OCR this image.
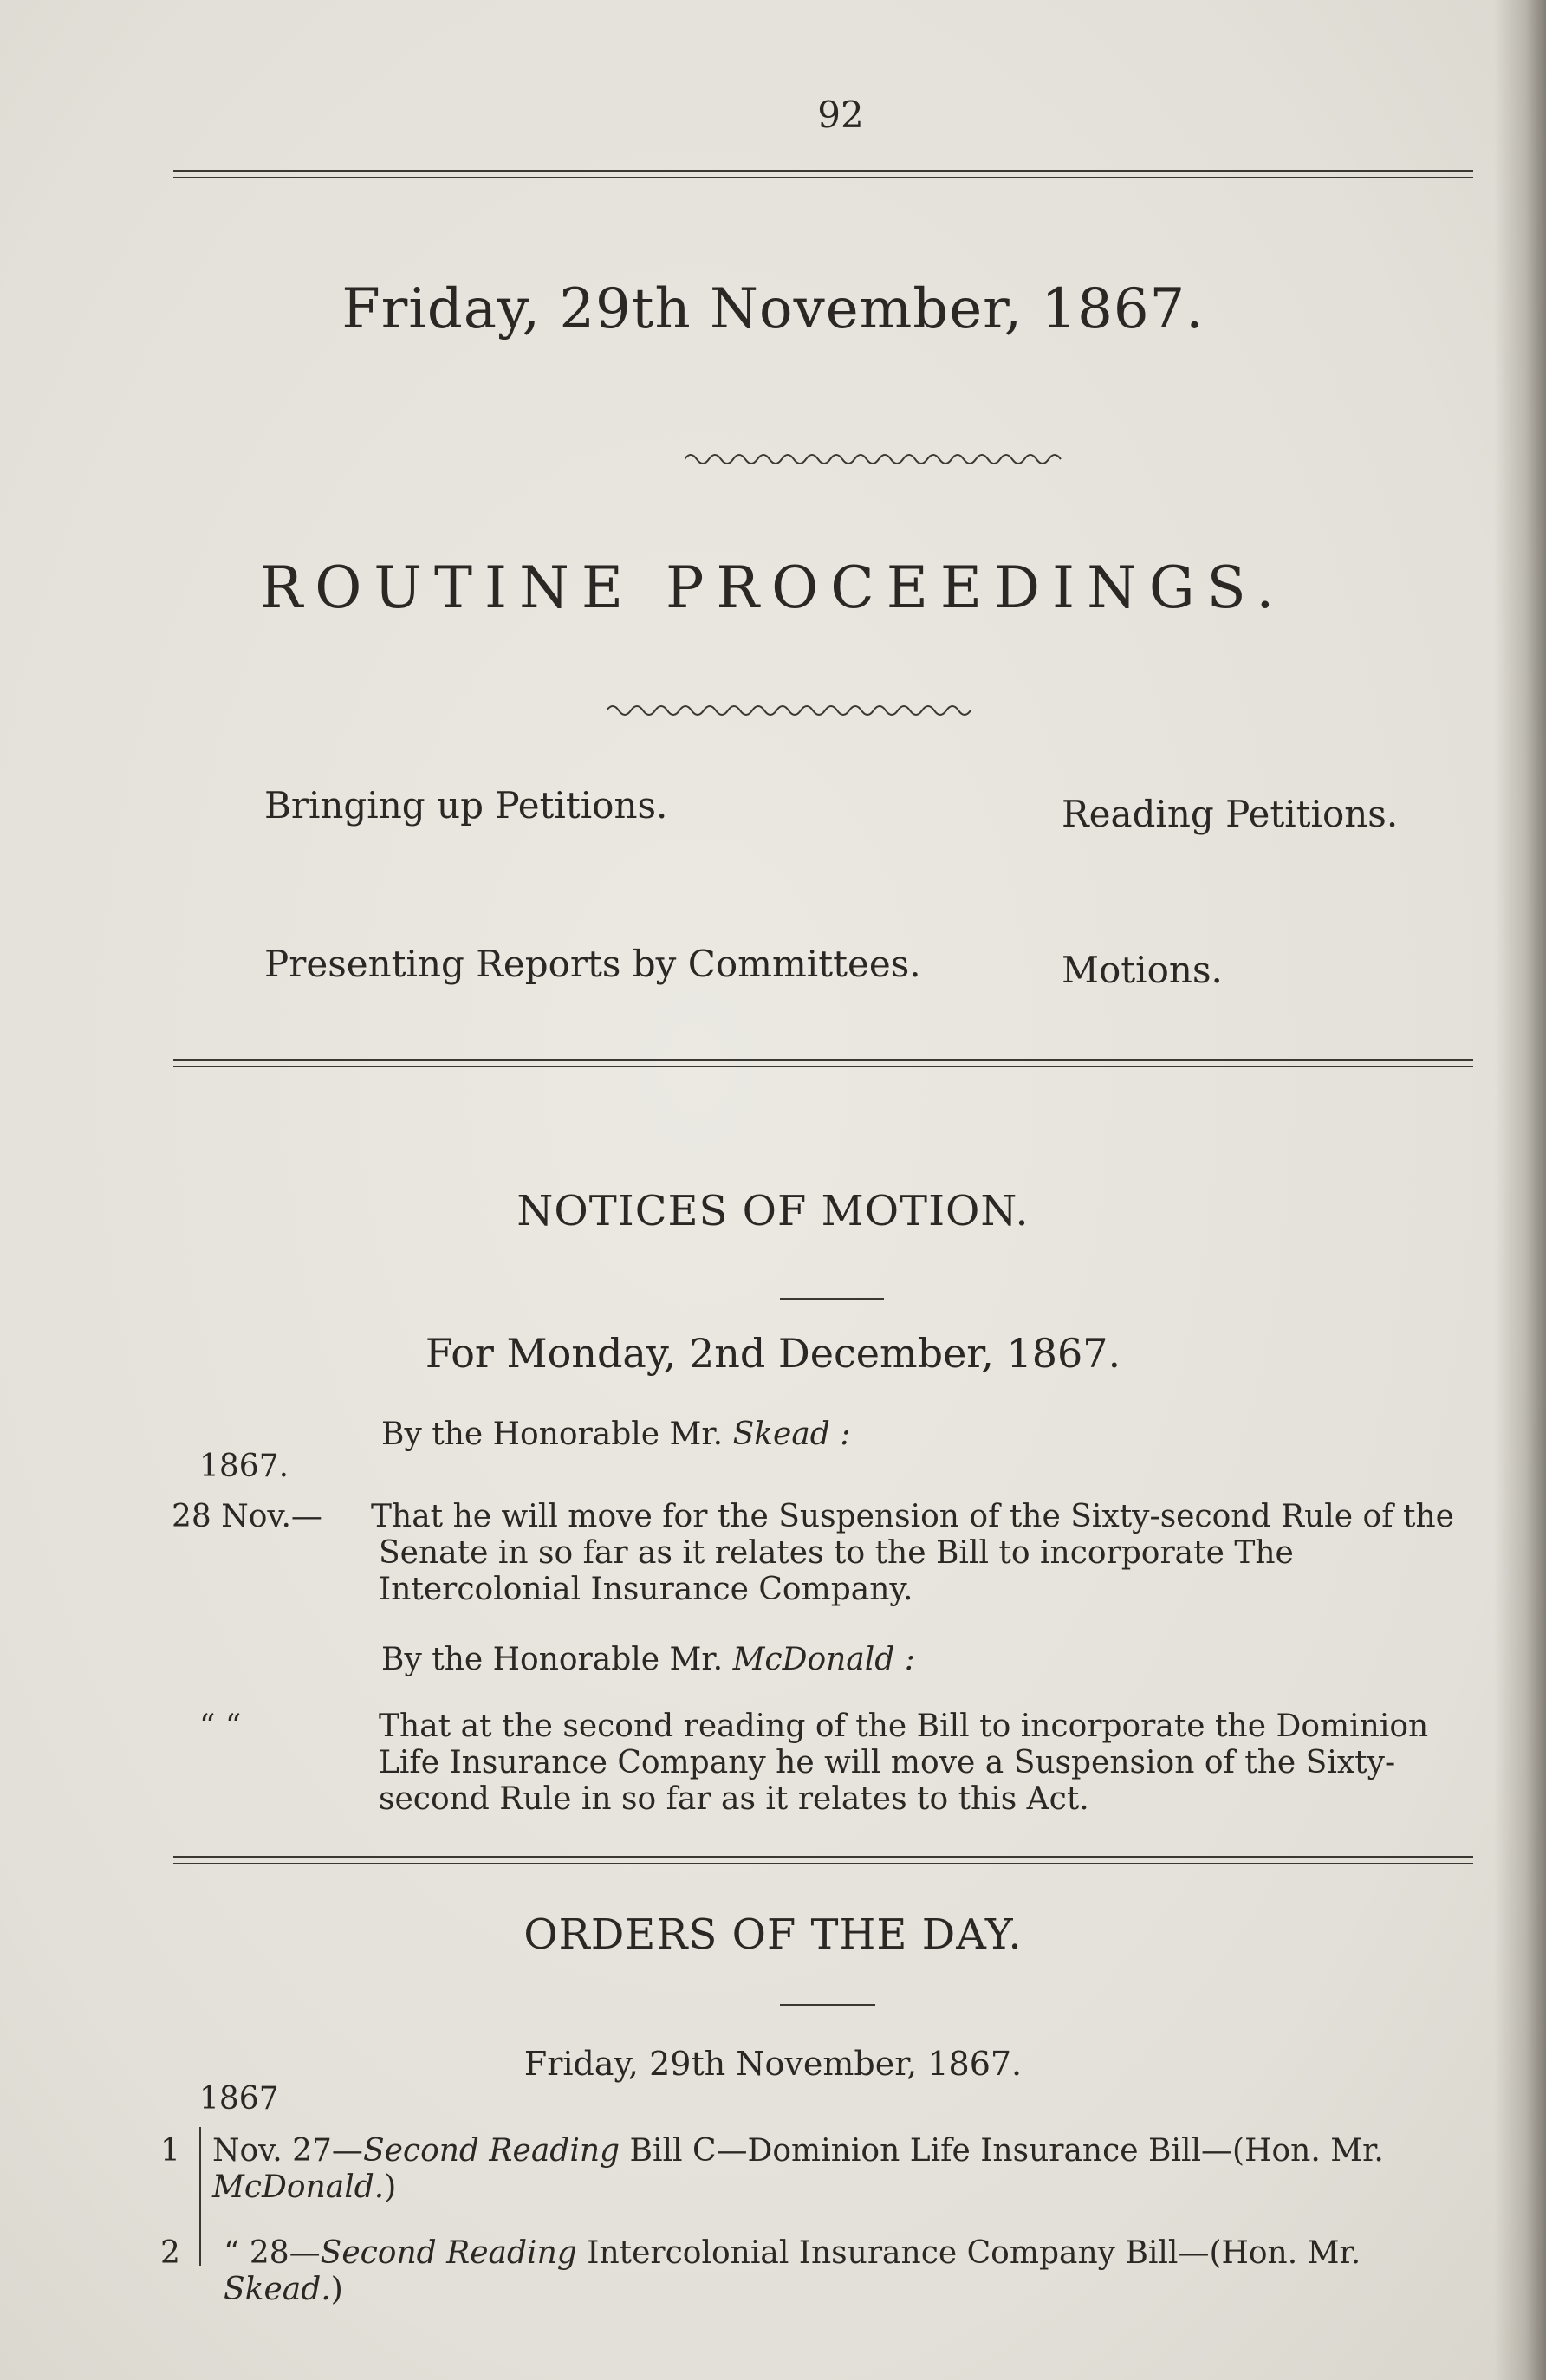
92
Friday, 29th November, 1867.
ROUTINE PROCEEDINGS.
Bringing up Petitions.	Reading Petitions.
Presenting Reports by Committees.	Motions.
NOTICES OF MOTION.
For Monday, 2nd December, 1867.
By the Honorable Mr. Skead :
1867.
28 Nov.— That he will move for the Suspension of the Sixty-second Rule of the Senate in so far as it relates to the Bill to incorporate The Intercolonial Insurance Company.
By the Honorable Mr. McDonald :
“ “	That at the second reading of the Bill to incorporate the Dominion Life Insurance Company he will move a Suspension of the Sixty-second Rule in so far as it relates to this Act.
ORDERS OF THE DAY.
Friday, 29th November, 1867.
1867
1 Nov. 27—Second Reading Bill C—Dominion Life Insurance Bill—(Hon. Mr. McDonald.)
2 “ 28—Second Reading Intercolonial Insurance Company Bill—(Hon. Mr. Skead.)
